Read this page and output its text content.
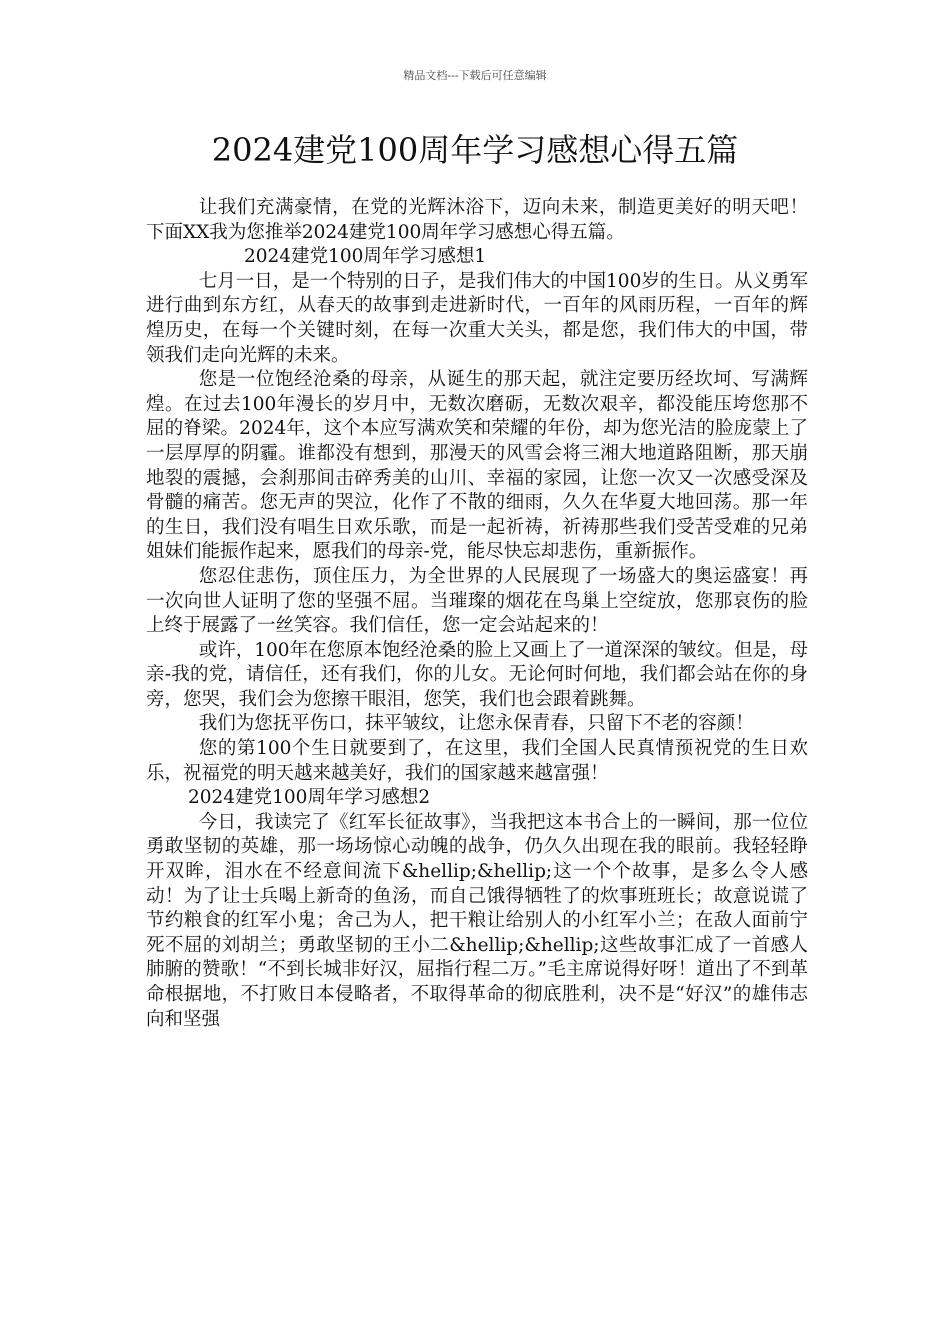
精品文档---下载后可任意编辑
2024建党100周年学习感想心得五篇

让我们充满豪情，在党的光辉沐浴下，迈向未来，制造更美好的明天吧！下面XX我为您推举2024建党100周年学习感想心得五篇。

2024建党100周年学习感想1

七月一日，是一个特别的日子，是我们伟大的中国100岁的生日。从义勇军进行曲到东方红，从春天的故事到走进新时代，一百年的风雨历程，一百年的辉煌历史，在每一个关键时刻，在每一次重大关头，都是您，我们伟大的中国，带领我们走向光辉的未来。

您是一位饱经沧桑的母亲，从诞生的那天起，就注定要历经坎坷、写满辉煌。在过去100年漫长的岁月中，无数次磨砺，无数次艰辛，都没能压垮您那不屈的脊梁。2024年，这个本应写满欢笑和荣耀的年份，却为您光洁的脸庞蒙上了一层厚厚的阴霾。谁都没有想到，那漫天的风雪会将三湘大地道路阻断，那天崩地裂的震撼，会刹那间击碎秀美的山川、幸福的家园，让您一次又一次感受深及骨髓的痛苦。您无声的哭泣，化作了不散的细雨，久久在华夏大地回荡。那一年的生日，我们没有唱生日欢乐歌，而是一起祈祷，祈祷那些我们受苦受难的兄弟姐妹们能振作起来，愿我们的母亲-党，能尽快忘却悲伤，重新振作。

您忍住悲伤，顶住压力，为全世界的人民展现了一场盛大的奥运盛宴！再一次向世人证明了您的坚强不屈。当璀璨的烟花在鸟巢上空绽放，您那哀伤的脸上终于展露了一丝笑容。我们信任，您一定会站起来的！

或许，100年在您原本饱经沧桑的脸上又画上了一道深深的皱纹。但是，母亲-我的党，请信任，还有我们，你的儿女。无论何时何地，我们都会站在你的身旁，您哭，我们会为您擦干眼泪，您笑，我们也会跟着跳舞。

我们为您抚平伤口，抹平皱纹，让您永保青春，只留下不老的容颜！

您的第100个生日就要到了，在这里，我们全国人民真情预祝党的生日欢乐，祝福党的明天越来越美好，我们的国家越来越富强！

2024建党100周年学习感想2

今日，我读完了《红军长征故事》，当我把这本书合上的一瞬间，那一位位勇敢坚韧的英雄，那一场场惊心动魄的战争，仍久久出现在我的眼前。我轻轻睁开双眸，泪水在不经意间流下&hellip;&hellip;这一个个故事，是多么令人感动！为了让士兵喝上新奇的鱼汤，而自己饿得牺牲了的炊事班班长；故意说谎了节约粮食的红军小鬼；舍己为人，把干粮让给别人的小红军小兰；在敌人面前宁死不屈的刘胡兰；勇敢坚韧的王小二&hellip;&hellip;这些故事汇成了一首感人肺腑的赞歌！“不到长城非好汉，屈指行程二万。”毛主席说得好呀！道出了不到革命根据地，不打败日本侵略者，不取得革命的彻底胜利，决不是“好汉”的雄伟志向和坚强
